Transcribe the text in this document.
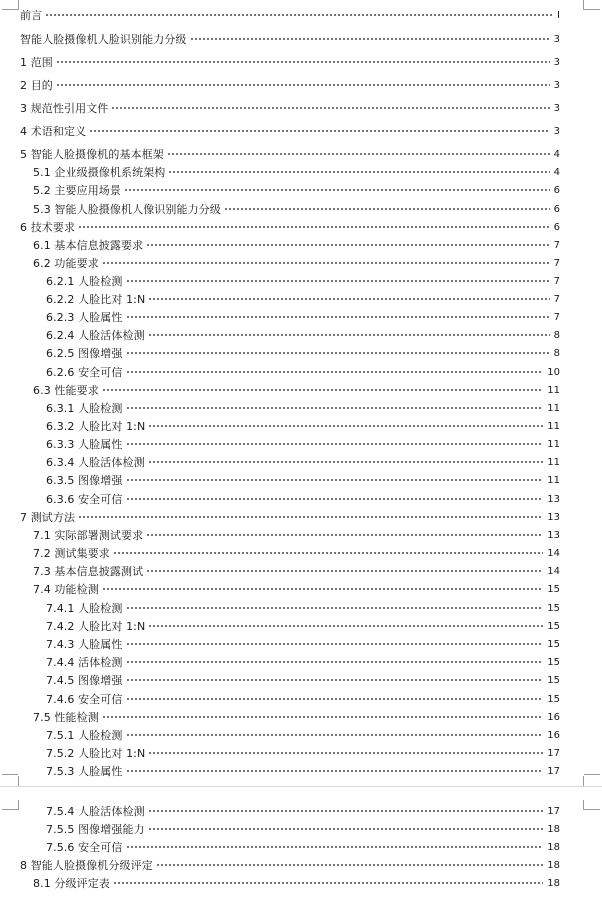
前言	I
智能人脸摄像机人脸识别能力分级	3
1 范围	3
2 目的	3
3 规范性引用文件	3
4 术语和定义	3
5 智能人脸摄像机的基本框架	4
5.1 企业级摄像机系统架构	4
5.2 主要应用场景	6
5.3 智能人脸摄像机人像识别能力分级	6
6 技术要求	6
6.1 基本信息披露要求	7
6.2 功能要求	7
6.2.1 人脸检测	7
6.2.2 人脸比对 1:N	7
6.2.3 人脸属性	7
6.2.4 人脸活体检测	8
6.2.5 图像增强	8
6.2.6 安全可信	10
6.3 性能要求	11
6.3.1 人脸检测	11
6.3.2 人脸比对 1:N	11
6.3.3 人脸属性	11
6.3.4 人脸活体检测	11
6.3.5 图像增强	11
6.3.6 安全可信	13
7 测试方法	13
7.1 实际部署测试要求	13
7.2 测试集要求	14
7.3 基本信息披露测试	14
7.4 功能检测	15
7.4.1 人脸检测	15
7.4.2 人脸比对 1:N	15
7.4.3 人脸属性	15
7.4.4 活体检测	15
7.4.5 图像增强	15
7.4.6 安全可信	15
7.5 性能检测	16
7.5.1 人脸检测	16
7.5.2 人脸比对 1:N	17
7.5.3 人脸属性	17
7.5.4 人脸活体检测	17
7.5.5 图像增强能力	18
7.5.6 安全可信	18
8 智能人脸摄像机分级评定	18
8.1 分级评定表	18
